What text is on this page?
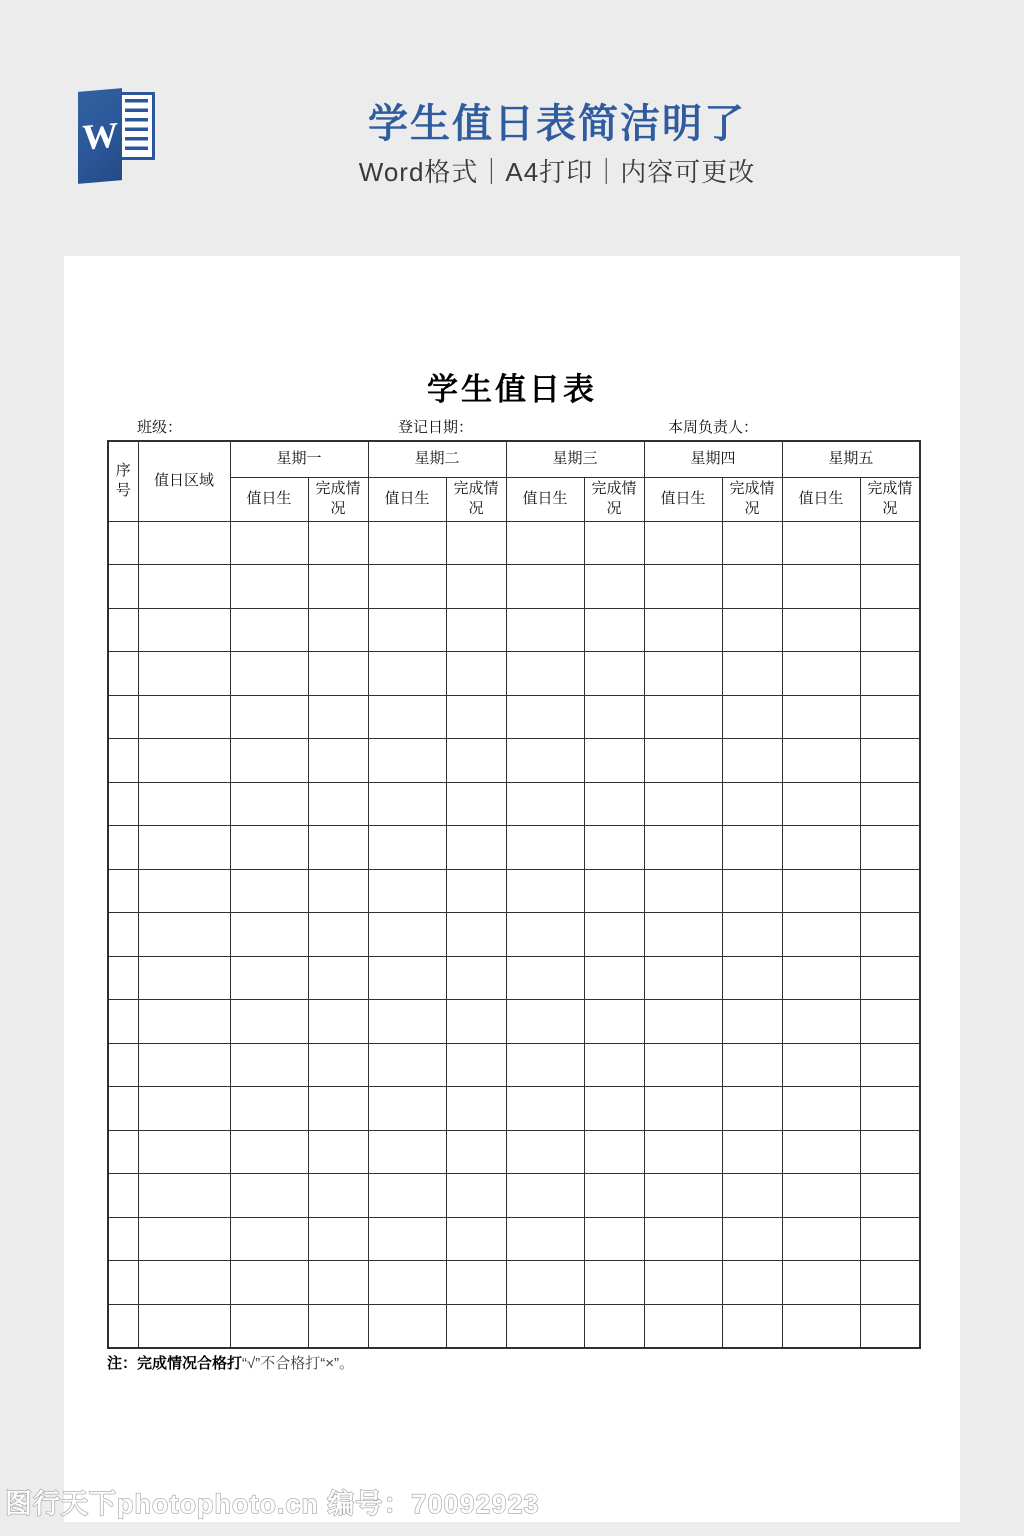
W	学生值日表简洁明了
Word格式｜A4打印｜内容可更改
学生值日表
班级：	登记日期：	本周负责人：
序号	值日区域	星期一		星期二		星期三		星期四		星期五	
		值日生	完成情况	值日生	完成情况	值日生	完成情况	值日生	完成情况	值日生	完成情况

注：完成情况合格打“√”不合格打“×”。
图行天下photophoto.cn 编号：70092923
